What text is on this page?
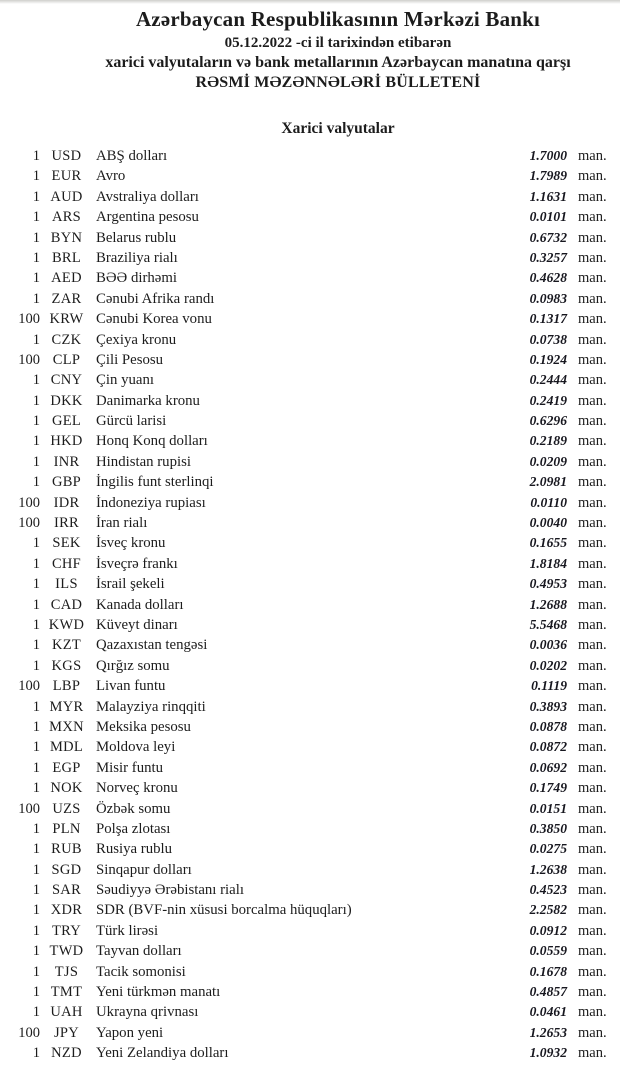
Azərbaycan Respublikasının Mərkəzi Bankı
05.12.2022 -ci il tarixindən etibarən
xarici valyutaların və bank metallarının Azərbaycan manatına qarşı
RƏSMİ MƏZƏNNƏLƏRİ BÜLLETENİ
Xarici valyutalar
1 USD ABŞ dolları	1.7000 man.
1 EUR Avro	1.7989 man.
1 AUD Avstraliya dolları	1.1631 man.
1 ARS	Argentina pesosu	0.0101 man.
1 BYN Belarus rublu	0.6732 man.
1 BRL	Braziliya rialı	0.3257 man.
1 AED BƏƏ dirhəmi	0.4628 man.
1 ZAR Cənubi Afrika randı	0.0983 man.
100 KRW Cənubi Korea vonu	0.1317 man.
1 CZK Çexiya kronu	0.0738 man.
100 CLP	Çili Pesosu	0.1924 man.
1 CNY Çin yuanı	0.2444 man.
1 DKK Danimarka kronu	0.2419 man.
1 GEL	Gürcü larisi	0.6296 man.
1 HKD Honq Konq dolları	0.2189 man.
1 INR	Hindistan rupisi	0.0209 man.
1 GBP	İngilis funt sterlinqi	2.0981 man.
100 IDR	İndoneziya rupiası	0.0110 man.
100 IRR	İran rialı	0.0040 man.
1 SEK	İsveç kronu	0.1655 man.
1 CHF	İsveçrə frankı	1.8184 man.
1	ILS	İsrail şekeli	0.4953 man.
1 CAD Kanada dolları	1.2688 man.
1 KWD Küveyt dinarı	5.5468 man.
1 KZT	Qazaxıstan tengəsi	0.0036 man.
1 KGS Qırğız somu	0.0202 man.
100 LBP	Livan funtu	0.1119 man.
1 MYR Malayziya rinqqiti	0.3893 man.
1 MXN Meksika pesosu	0.0878 man.
1 MDL Moldova leyi	0.0872 man.
1 EGP	Misir funtu	0.0692 man.
1 NOK Norveç kronu	0.1749 man.
100 UZS	Özbək somu	0.0151 man.
1 PLN	Polşa zlotası	0.3850 man.
1 RUB Rusiya rublu	0.0275 man.
1 SGD Sinqapur dolları	1.2638 man.
1 SAR	Səudiyyə Ərəbistanı rialı	0.4523 man.
1 XDR SDR (BVF-nin xüsusi borcalma hüquqları)	2.2582 man.
1 TRY	Türk lirəsi	0.0912 man.
1 TWD Tayvan dolları	0.0559 man.
1	TJS	Tacik somonisi	0.1678 man.
1 TMT Yeni türkmən manatı	0.4857 man.
1 UAH Ukrayna qrivnası	0.0461 man.
100 JPY	Yapon yeni	1.2653 man.
1 NZD Yeni Zelandiya dolları	1.0932 man.
